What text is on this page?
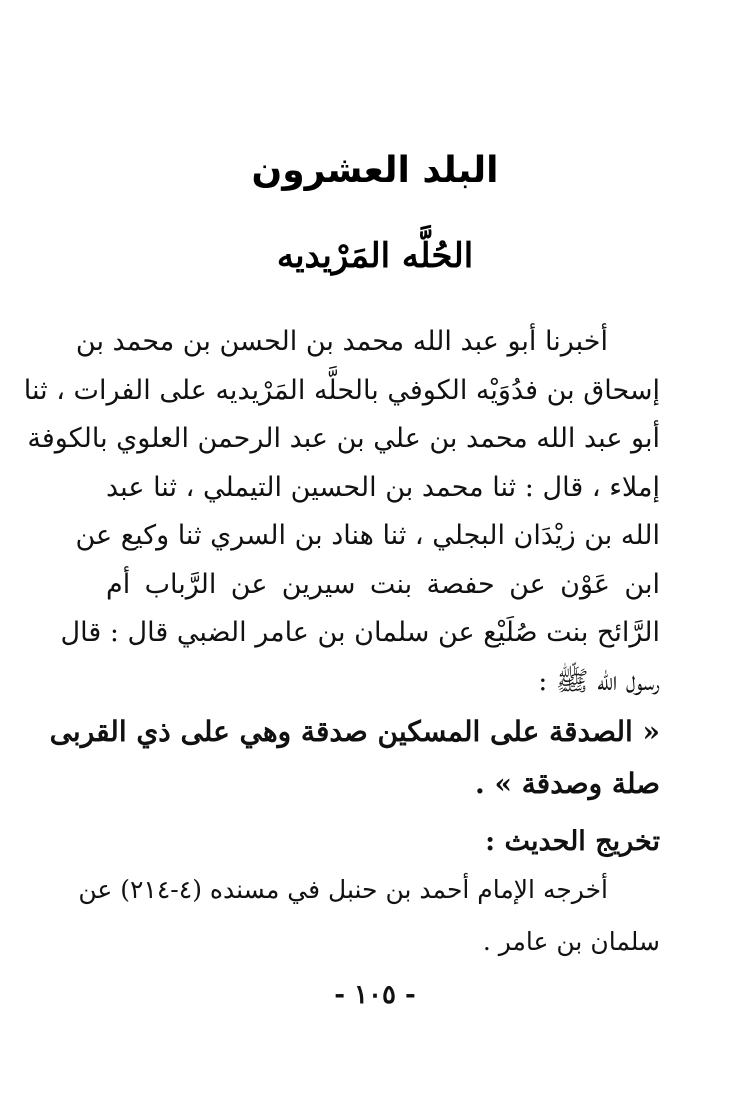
البلد العشرون
الحُلَّه المَرْيديه
أخبرنا أبو عبد الله محمد بن الحسن بن محمد بن
إسحاق بن فدُوَيْه الكوفي بالحلَّه المَرْيديه على الفرات ، ثنا
أبو عبد الله محمد بن علي بن عبد الرحمن العلوي بالكوفة
إملاء ، قال : ثنا محمد بن الحسين التيملي ، ثنا عبد
الله بن زيْدَان البجلي ، ثنا هناد بن السري ثنا وكيع عن
ابن عَوْن عن حفصة بنت سيرين عن الرَّباب أم
الرَّائح بنت صُلَيْع عن سلمان بن عامر الضبي قال : قال
رسول الله ﷺ :
« الصدقة على المسكين صدقة وهي على ذي القربى
صلة وصدقة » .
تخريج الحديث :
أخرجه الإمام أحمد بن حنبل في مسنده (٤-٢١٤) عن
سلمان بن عامر .
- ١٠٥ -
